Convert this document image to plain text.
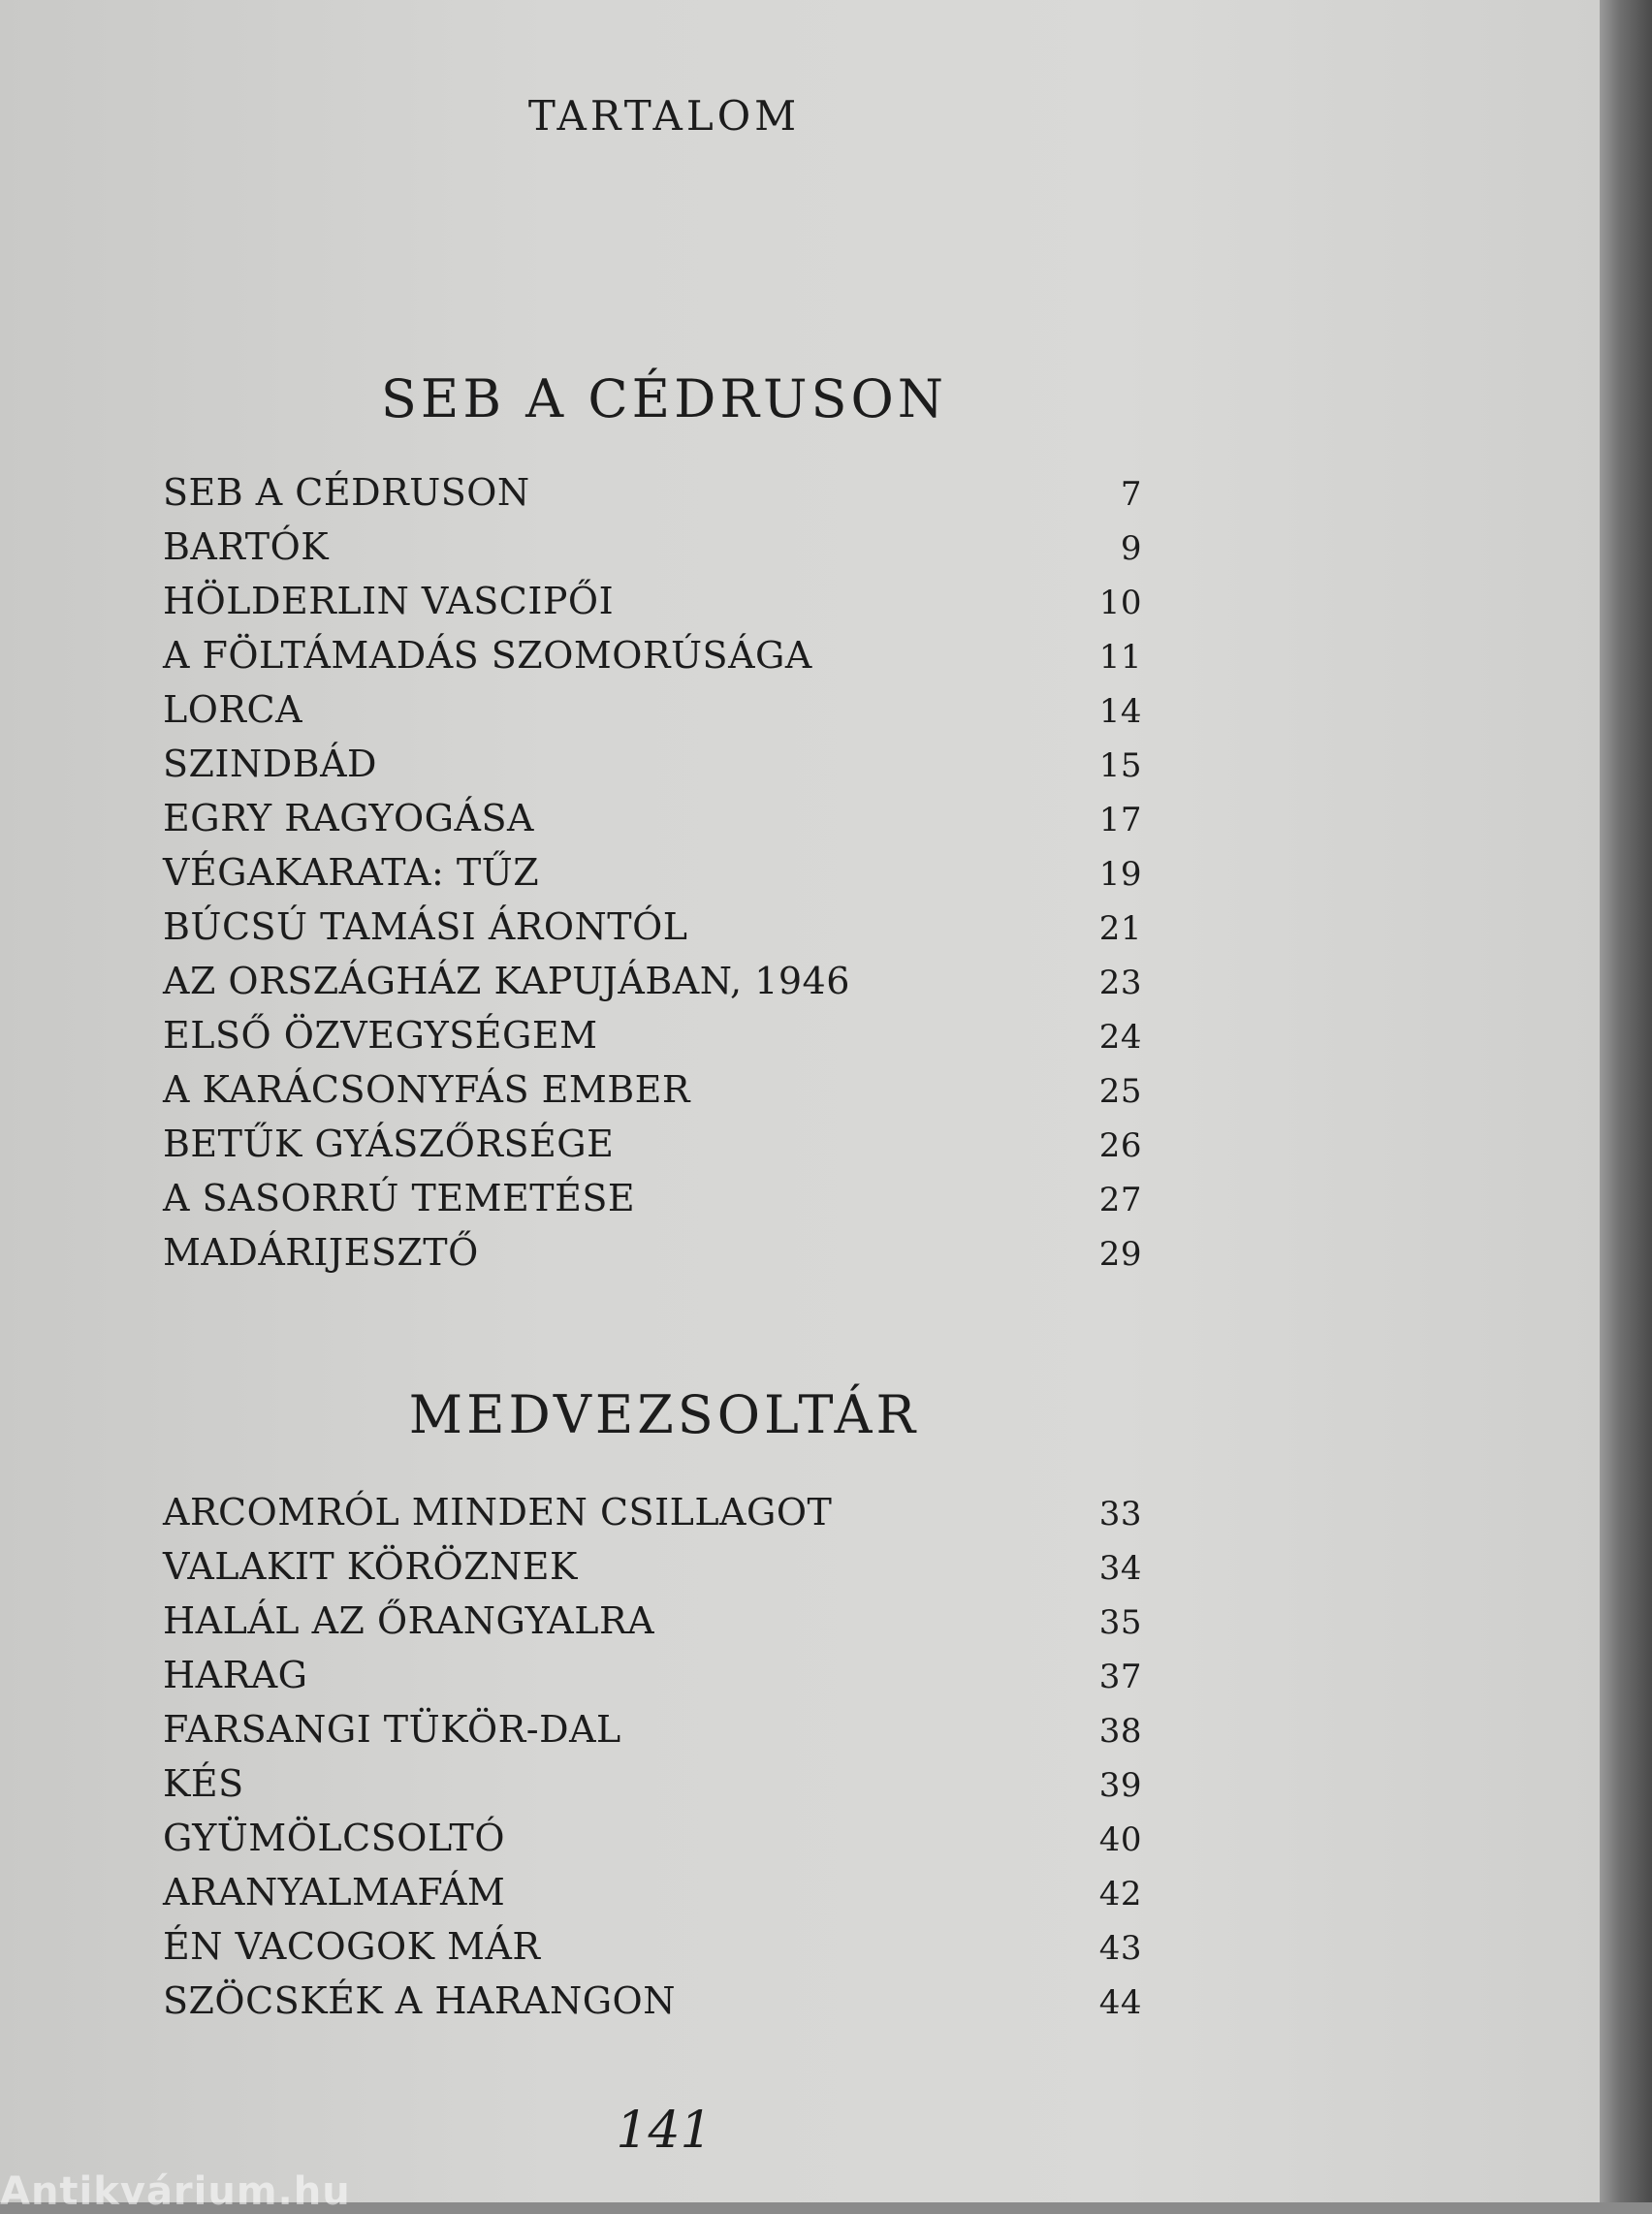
TARTALOM
SEB A CÉDRUSON
SEB A CÉDRUSON	7
BARTÓK	9
HÖLDERLIN VASCIPŐI	10
A FÖLTÁMADÁS SZOMORÚSÁGA	11
LORCA	14
SZINDBÁD	15
EGRY RAGYOGÁSA	17
VÉGAKARATA: TŰZ	19
BÚCSÚ TAMÁSI ÁRONTÓL	21
AZ ORSZÁGHÁZ KAPUJÁBAN, 1946	23
ELSŐ ÖZVEGYSÉGEM	24
A KARÁCSONYFÁS EMBER	25
BETŰK GYÁSZŐRSÉGE	26
A SASORRÚ TEMETÉSE	27
MADÁRIJESZTŐ	29
MEDVEZSOLTÁR
ARCOMRÓL MINDEN CSILLAGOT	33
VALAKIT KÖRÖZNEK	34
HALÁL AZ ŐRANGYALRA	35
HARAG	37
FARSANGI TÜKÖR-DAL	38
KÉS	39
GYÜMÖLCSOLTÓ	40
ARANYALMAFÁM	42
ÉN VACOGOK MÁR	43
SZÖCSKÉK A HARANGON	44
141
Antikvárium.hu
